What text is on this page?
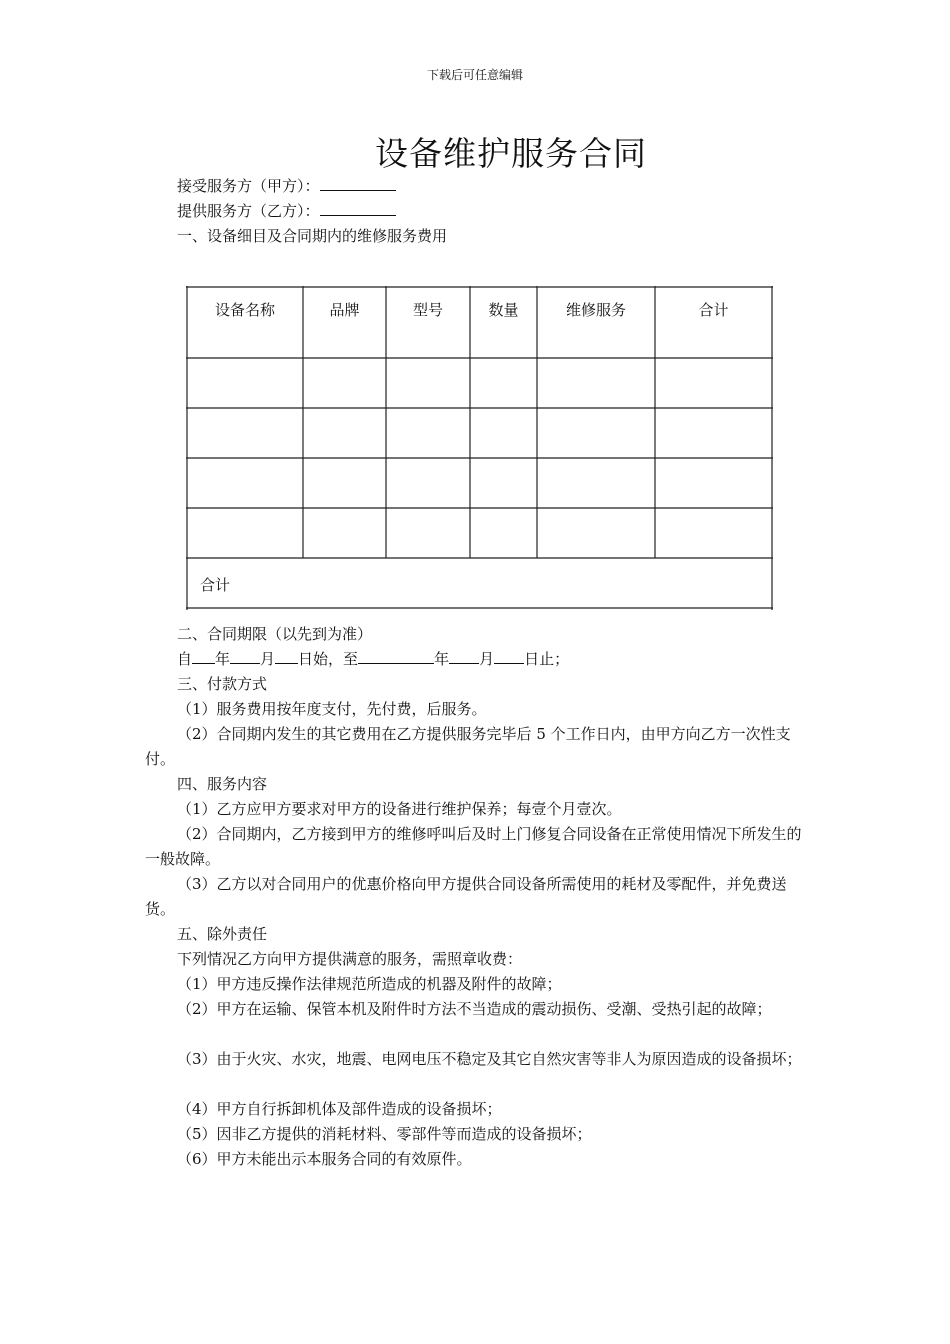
下载后可任意编辑
设备维护服务合同
接受服务方（甲方）：
提供服务方（乙方）：
一、设备细目及合同期内的维修服务费用
设备名称	品牌	型号	数量	维修服务	合计
合计
二、合同期限（以先到为准）
自 年 月 日始，至	年 月 日止；
三、付款方式
（1）服务费用按年度支付，先付费，后服务。
（2）合同期内发生的其它费用在乙方提供服务完毕后 5 个工作日内，由甲方向乙方一次性支付。
四、服务内容
（1）乙方应甲方要求对甲方的设备进行维护保养；每壹个月壹次。
（2）合同期内，乙方接到甲方的维修呼叫后及时上门修复合同设备在正常使用情况下所发生的一般故障。
（3）乙方以对合同用户的优惠价格向甲方提供合同设备所需使用的耗材及零配件，并免费送货。
五、除外责任
下列情况乙方向甲方提供满意的服务，需照章收费：
（1）甲方违反操作法律规范所造成的机器及附件的故障；
（2）甲方在运输、保管本机及附件时方法不当造成的震动损伤、受潮、受热引起的故障；
（3）由于火灾、水灾，地震、电网电压不稳定及其它自然灾害等非人为原因造成的设备损坏；
（4）甲方自行拆卸机体及部件造成的设备损坏；
（5）因非乙方提供的消耗材料、零部件等而造成的设备损坏；
（6）甲方未能出示本服务合同的有效原件。
